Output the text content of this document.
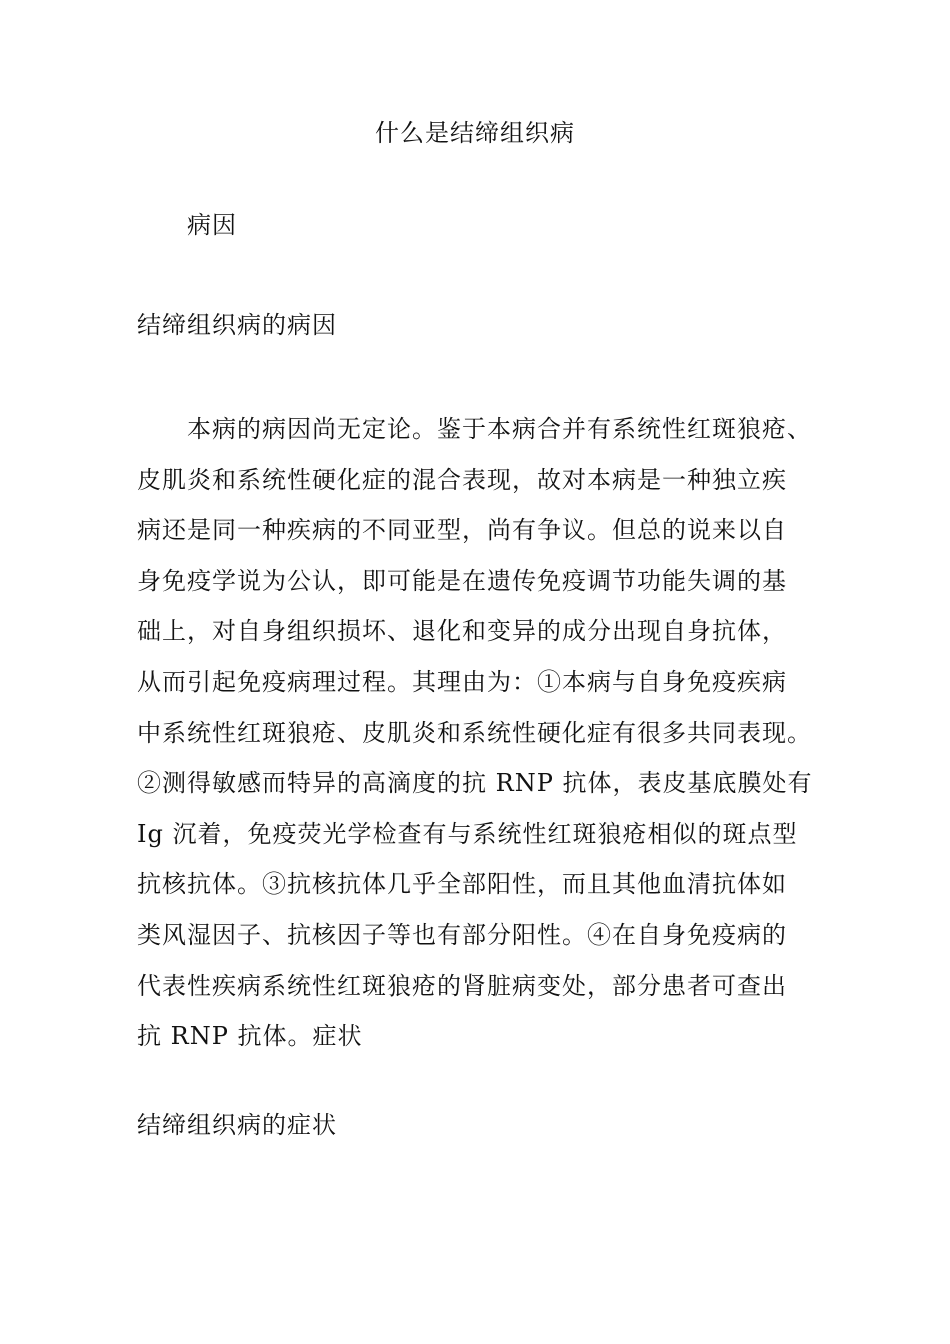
什么是结缔组织病
病因
结缔组织病的病因
本病的病因尚无定论。鉴于本病合并有系统性红斑狼疮、
皮肌炎和系统性硬化症的混合表现，故对本病是一种独立疾
病还是同一种疾病的不同亚型，尚有争议。但总的说来以自
身免疫学说为公认，即可能是在遗传免疫调节功能失调的基
础上，对自身组织损坏、退化和变异的成分出现自身抗体，
从而引起免疫病理过程。其理由为：①本病与自身免疫疾病
中系统性红斑狼疮、皮肌炎和系统性硬化症有很多共同表现。
②测得敏感而特异的高滴度的抗 RNP 抗体，表皮基底膜处有
Ig 沉着，免疫荧光学检查有与系统性红斑狼疮相似的斑点型
抗核抗体。③抗核抗体几乎全部阳性，而且其他血清抗体如
类风湿因子、抗核因子等也有部分阳性。④在自身免疫病的
代表性疾病系统性红斑狼疮的肾脏病变处，部分患者可查出
抗 RNP 抗体。症状
结缔组织病的症状
